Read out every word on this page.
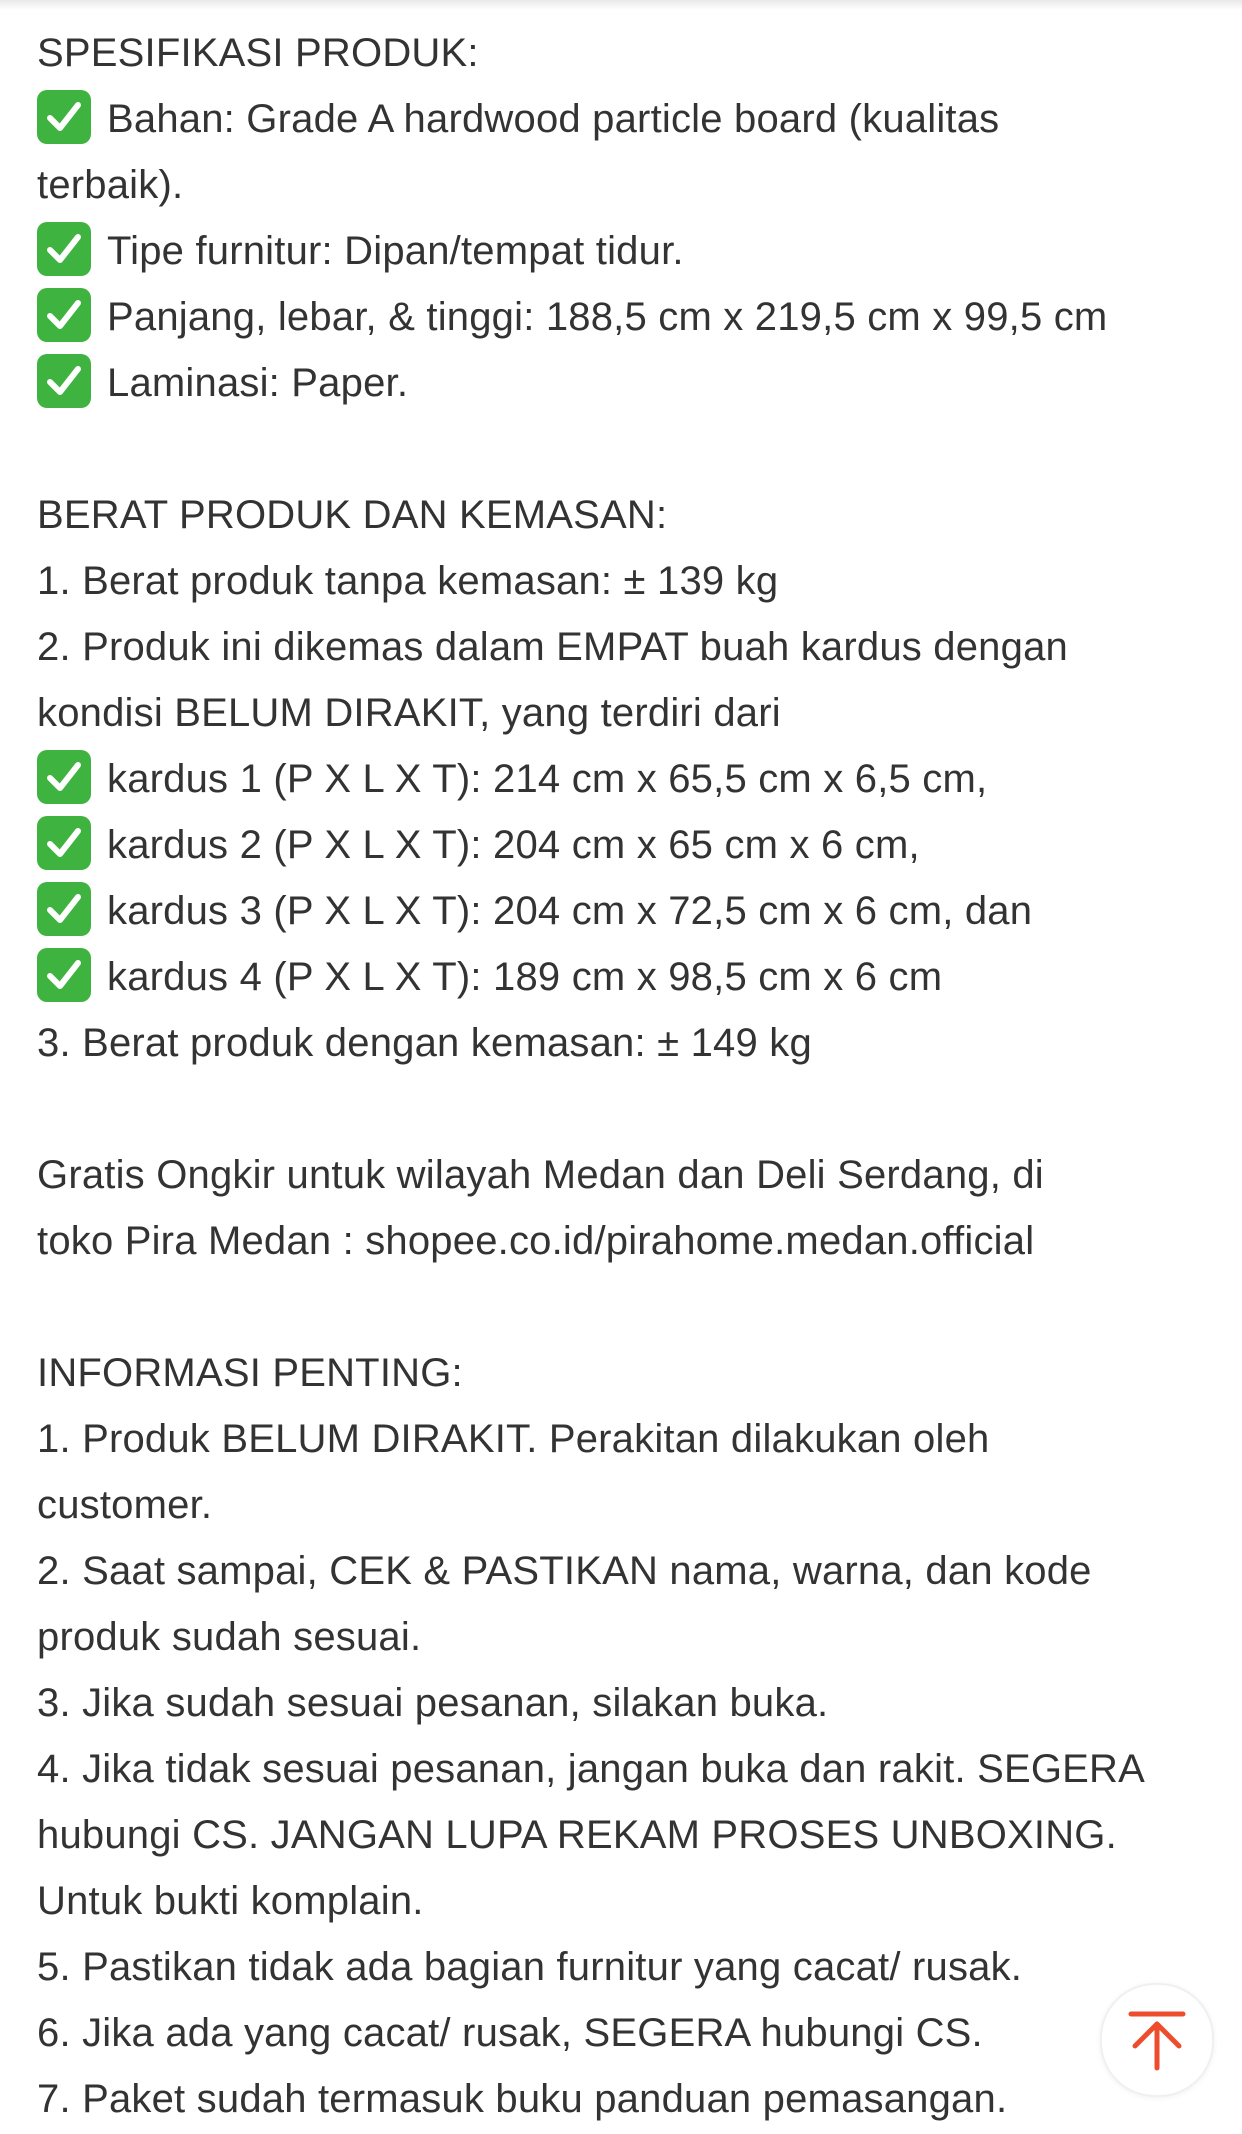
SPESIFIKASI PRODUK:
Bahan: Grade A hardwood particle board (kualitas
terbaik).
Tipe furnitur: Dipan/tempat tidur.
Panjang, lebar, & tinggi: 188,5 cm x 219,5 cm x 99,5 cm
Laminasi: Paper.
BERAT PRODUK DAN KEMASAN:
1. Berat produk tanpa kemasan: ± 139 kg
2. Produk ini dikemas dalam EMPAT buah kardus dengan
kondisi BELUM DIRAKIT, yang terdiri dari
kardus 1 (P X L X T): 214 cm x 65,5 cm x 6,5 cm,
kardus 2 (P X L X T): 204 cm x 65 cm x 6 cm,
kardus 3 (P X L X T): 204 cm x 72,5 cm x 6 cm, dan
kardus 4 (P X L X T): 189 cm x 98,5 cm x 6 cm
3. Berat produk dengan kemasan: ± 149 kg
Gratis Ongkir untuk wilayah Medan dan Deli Serdang, di
toko Pira Medan : shopee.co.id/pirahome.medan.official
INFORMASI PENTING:
1. Produk BELUM DIRAKIT. Perakitan dilakukan oleh
customer.
2. Saat sampai, CEK & PASTIKAN nama, warna, dan kode
produk sudah sesuai.
3. Jika sudah sesuai pesanan, silakan buka.
4. Jika tidak sesuai pesanan, jangan buka dan rakit. SEGERA
hubungi CS. JANGAN LUPA REKAM PROSES UNBOXING.
Untuk bukti komplain.
5. Pastikan tidak ada bagian furnitur yang cacat/ rusak.
6. Jika ada yang cacat/ rusak, SEGERA hubungi CS.
7. Paket sudah termasuk buku panduan pemasangan.
